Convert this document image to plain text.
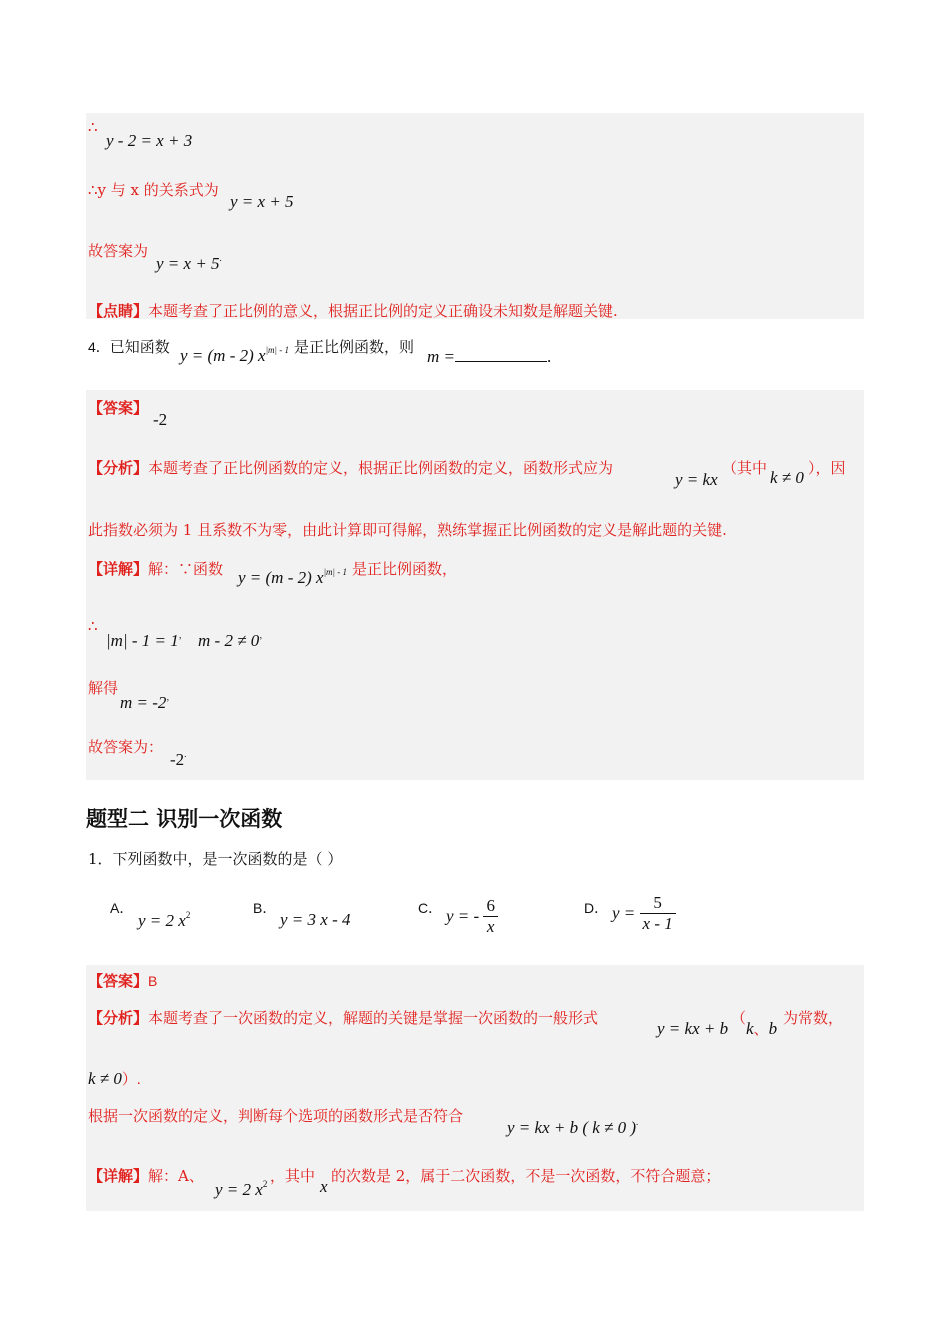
∴
y - 2 = x + 3
∴y 与 x 的关系式为
y = x + 5
故答案为
y = x + 5.
【点睛】本题考查了正比例的意义，根据正比例的定义正确设未知数是解题关键.
4．已知函数 y = (m - 2) $x^{|m| - 1}$ 是正比例函数，则 m =	.
【答案】
-2
【分析】本题考查了正比例函数的定义，根据正比例函数的定义，函数形式应为
y = kx
（其中 k ≠ 0 ），因
此指数必须为 1 且系数不为零，由此计算即可得解，熟练掌握正比例函数的定义是解此题的关键.
【详解】解：∵函数 y = (m - 2) $x^{|m| - 1}$ 是正比例函数，
∴
|m| - 1 = 1， m - 2 ≠ 0，
解得
m = -2，
故答案为：
-2.
题型二 识别一次函数
1．下列函数中，是一次函数的是（ ）
A．
y = 2 $x^2$	B．
y = 3 x - 4
C． y = - $\frac{6}{x}$	D． $y = \frac{5}{x - 1}$
【答案】B
【分析】本题考查了一次函数的定义，解题的关键是掌握一次函数的一般形式
y = kx + b
（
k、b
为常数，
k ≠ 0）.
根据一次函数的定义，判断每个选项的函数形式是否符合
y = kx + b ( k ≠ 0 ).
【详解】解：A、
y = 2 $x^2$ ，其中
x
的次数是 2，属于二次函数，不是一次函数，不符合题意；
